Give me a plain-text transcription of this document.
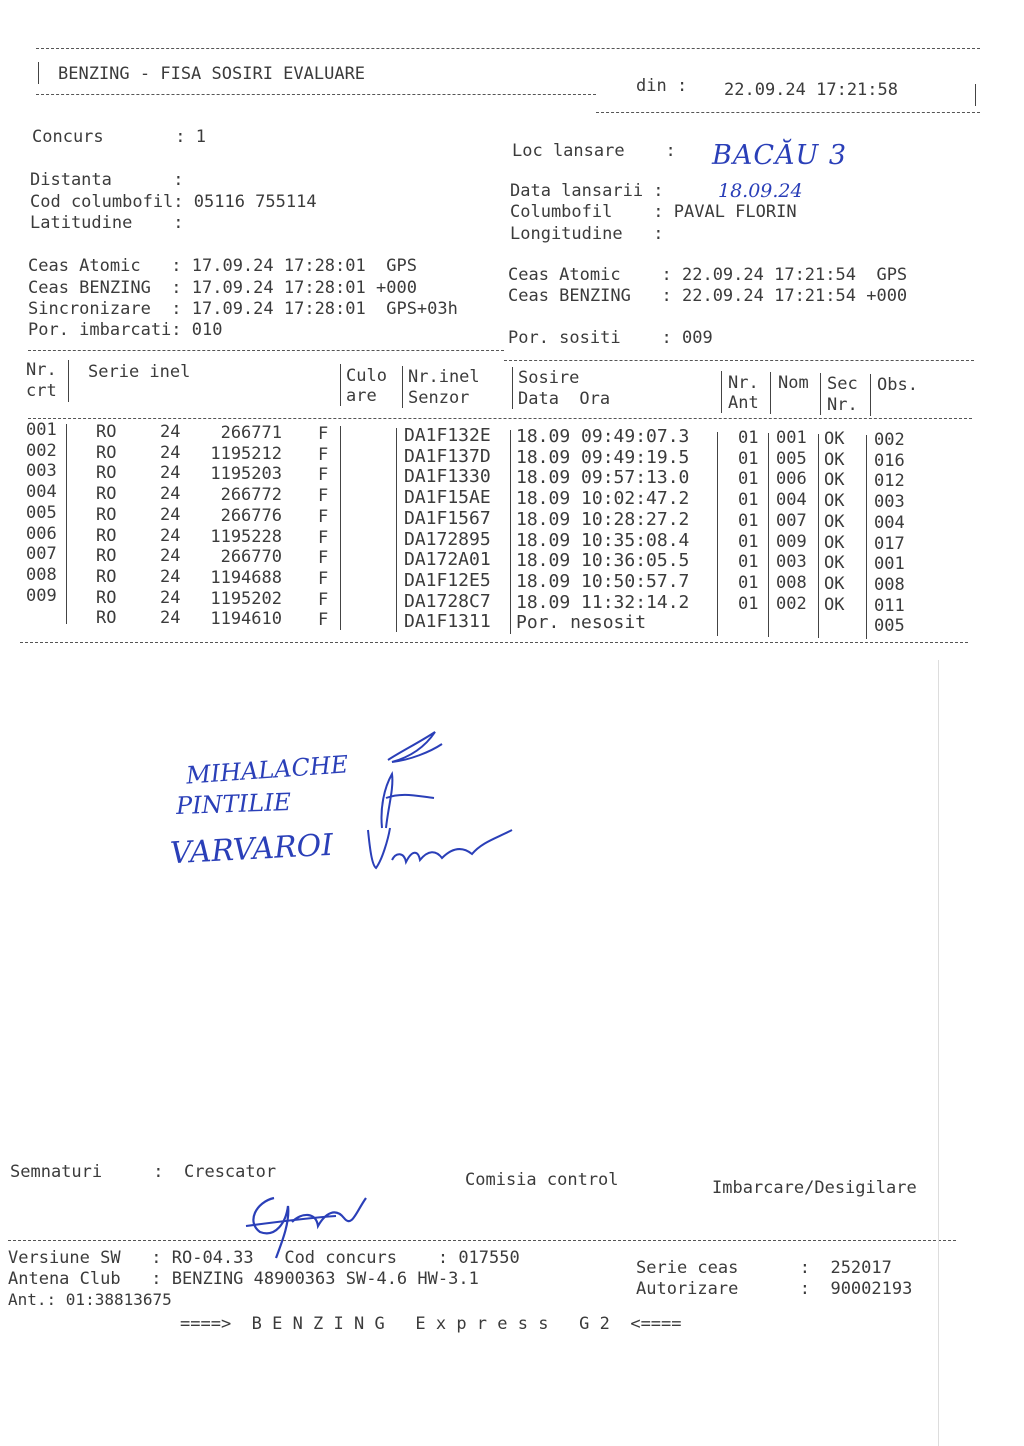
BENZING - FISA SOSIRI EVALUARE
din : 22.09.24 17:21:58
Concurs       : 1
Distanta      :
Cod columbofil: 05116 755114
Latitudine    :
Loc lansare    : BACĂU 3
Data lansarii :	18.09.24
Columbofil    : PAVAL FLORIN
Longitudine   :
Ceas Atomic   : 17.09.24 17:28:01  GPS
Ceas BENZING  : 17.09.24 17:28:01 +000
Sincronizare  : 17.09.24 17:28:01  GPS+03h
Por. imbarcati: 010
Ceas Atomic    : 22.09.24 17:21:54  GPS
Ceas BENZING   : 22.09.24 17:21:54 +000
Por. sositi    : 009
Nr.
crt
Serie inel	Culo
are
Nr.inel
Senzor
Sosire
Data  Ora
Nr.
Ant
Nom Sec
Nr.
Obs.
001 RO	24 266771 F	DA1F132E 18.09 09:49:07.3	01 001 OK 002
002 RO	24 1195212 F	DA1F137D 18.09 09:49:19.5	01 005 OK 016
003 RO	24 1195203 F	DA1F1330 18.09 09:57:13.0	01 006 OK 012
004 RO	24 266772 F	DA1F15AE 18.09 10:02:47.2	01 004 OK 003
005 RO	24 266776 F	DA1F1567 18.09 10:28:27.2	01 007 OK 004
006 RO	24 1195228 F	DA172895 18.09 10:35:08.4	01 009 OK 017
007 RO	24 266770 F	DA172A01 18.09 10:36:05.5	01 003 OK 001
008 RO	24 1194688 F	DA1F12E5 18.09 10:50:57.7	01 008 OK 008
009 RO	24 1195202 F	DA1728C7 18.09 11:32:14.2	01 002 OK 011
RO	24 1194610 F	DA1F1311 Por. nesosit	005
MIHALACHE
PINTILIE
VARVAROI
Semnaturi     :  Crescator	Comisia control	Imbarcare/Desigilare
Versiune SW   : RO-04.33   Cod concurs    : 017550
Antena Club   : BENZING 48900363 SW-4.6 HW-3.1
Ant.: 01:38813675
Serie ceas      :  252017
Autorizare      :  90002193
====>  B E N Z I N G   E x p r e s s   G 2  <====
